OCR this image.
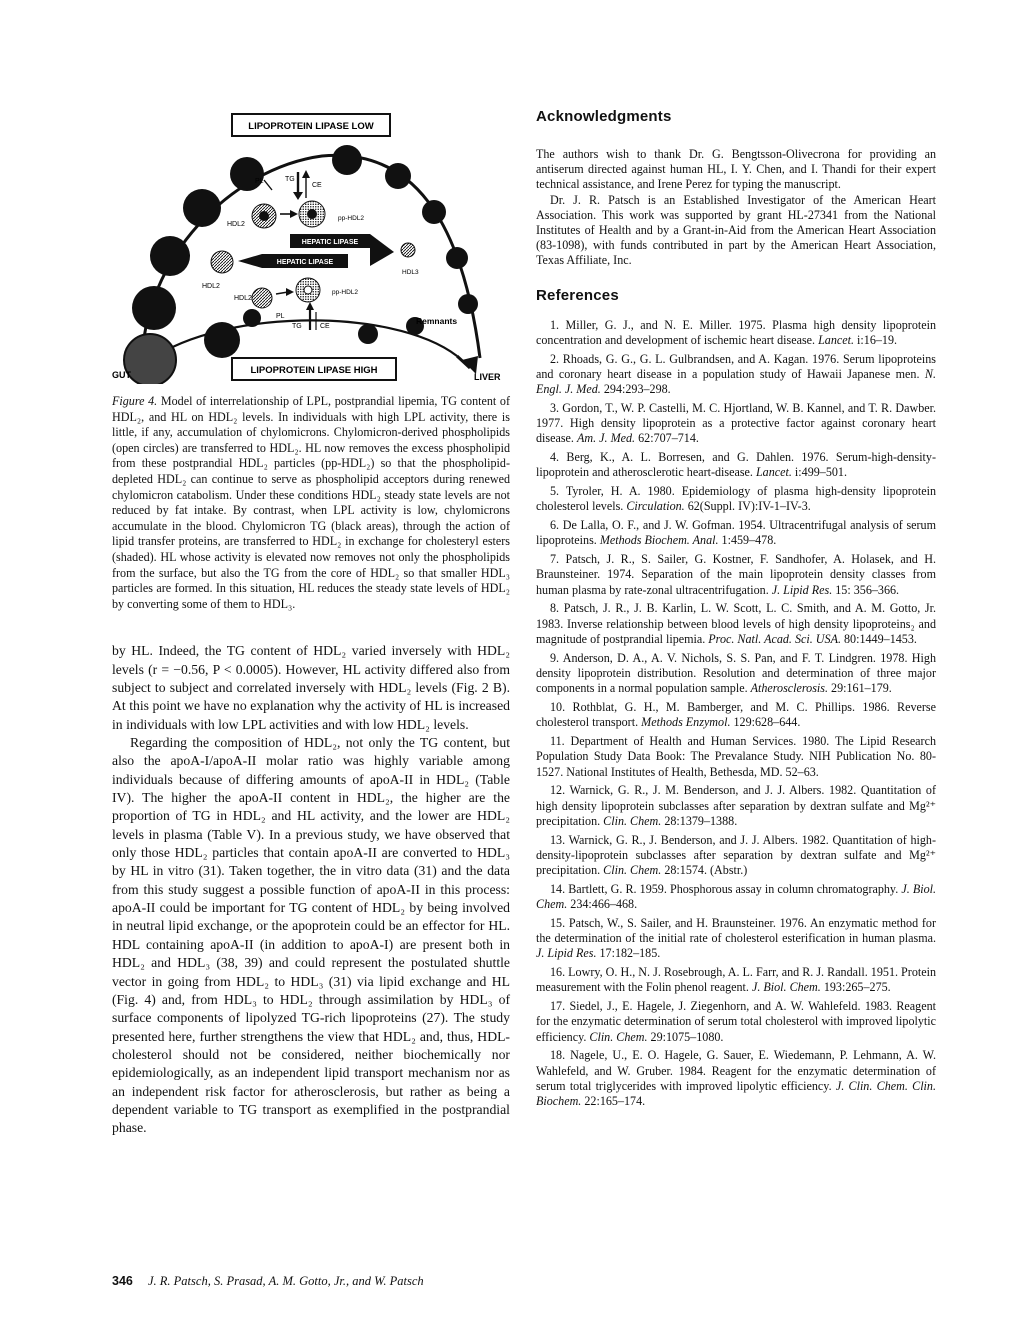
LIPOPROTEIN LIPASE LOW
LIPOPROTEIN LIPASE HIGH
GUT	LIVER
Remnants
PL	TG
CE
HDL2
pp-HDL2
HEPATIC LIPASE
HEPATIC LIPASE
HDL3
HDL2
HDL2
pp-HDL2
PL
TG	CE
Figure 4. Model of interrelationship of LPL, postprandial lipemia, TG content of HDL₂, and HL on HDL₂ levels. In individuals with high LPL activity, there is little, if any, accumulation of chylomicrons. Chylomicron-derived phospholipids (open circles) are transferred to HDL₂. HL now removes the excess phospholipid from these postprandial HDL₂ particles (pp-HDL₂) so that the phospholipid-depleted HDL₂ can continue to serve as phospholipid acceptors during renewed chylomicron catabolism. Under these conditions HDL₂ steady state levels are not reduced by fat intake. By contrast, when LPL activity is low, chylomicrons accumulate in the blood. Chylomicron TG (black areas), through the action of lipid transfer proteins, are transferred to HDL₂ in exchange for cholesteryl esters (shaded). HL whose activity is elevated now removes not only the phospholipids from the surface, but also the TG from the core of HDL₂ so that smaller HDL₃ particles are formed. In this situation, HL reduces the steady state levels of HDL₂ by converting some of them to HDL₃.

by HL. Indeed, the TG content of HDL₂ varied inversely with HDL₂ levels (r = −0.56, P < 0.0005). However, HL activity differed also from subject to subject and correlated inversely with HDL₂ levels (Fig. 2 B). At this point we have no explanation why the activity of HL is increased in individuals with low LPL activities and with low HDL₂ levels.

Regarding the composition of HDL₂, not only the TG content, but also the apoA-I/apoA-II molar ratio was highly variable among individuals because of differing amounts of apoA-II in HDL₂ (Table IV). The higher the apoA-II content in HDL₂, the higher are the proportion of TG in HDL₂ and HL activity, and the lower are HDL₂ levels in plasma (Table V). In a previous study, we have observed that only those HDL₂ particles that contain apoA-II are converted to HDL₃ by HL in vitro (31). Taken together, the in vitro data (31) and the data from this study suggest a possible function of apoA-II in this process: apoA-II could be important for TG content of HDL₂ by being involved in neutral lipid exchange, or the apoprotein could be an effector for HL. HDL containing apoA-II (in addition to apoA-I) are present both in HDL₂ and HDL₃ (38, 39) and could represent the postulated shuttle vector in going from HDL₂ to HDL₃ (31) via lipid exchange and HL (Fig. 4) and, from HDL₃ to HDL₂ through assimilation by HDL₃ of surface components of lipolyzed TG-rich lipoproteins (27). The study presented here, further strengthens the view that HDL₂ and, thus, HDL-cholesterol should not be considered, neither biochemically nor epidemiologically, as an independent lipid transport mechanism nor as an independent risk factor for atherosclerosis, but rather as being a dependent variable to TG transport as exemplified in the postprandial phase.

346 J. R. Patsch, S. Prasad, A. M. Gotto, Jr., and W. Patsch
Acknowledgments

The authors wish to thank Dr. G. Bengtsson-Olivecrona for providing an antiserum directed against human HL, I. Y. Chen, and I. Thandi for their expert technical assistance, and Irene Perez for typing the manuscript.

Dr. J. R. Patsch is an Established Investigator of the American Heart Association. This work was supported by grant HL-27341 from the National Institutes of Health and by a Grant-in-Aid from the American Heart Association (83-1098), with funds contributed in part by the American Heart Association, Texas Affiliate, Inc.

References

1. Miller, G. J., and N. E. Miller. 1975. Plasma high density lipoprotein concentration and development of ischemic heart disease. Lancet. i:16–19.

2. Rhoads, G. G., G. L. Gulbrandsen, and A. Kagan. 1976. Serum lipoproteins and coronary heart disease in a population study of Hawaii Japanese men. N. Engl. J. Med. 294:293–298.

3. Gordon, T., W. P. Castelli, M. C. Hjortland, W. B. Kannel, and T. R. Dawber. 1977. High density lipoprotein as a protective factor against coronary heart disease. Am. J. Med. 62:707–714.

4. Berg, K., A. L. Borresen, and G. Dahlen. 1976. Serum-high-density-lipoprotein and atherosclerotic heart-disease. Lancet. i:499–501.

5. Tyroler, H. A. 1980. Epidemiology of plasma high-density lipoprotein cholesterol levels. Circulation. 62(Suppl. IV):IV-1–IV-3.

6. De Lalla, O. F., and J. W. Gofman. 1954. Ultracentrifugal analysis of serum lipoproteins. Methods Biochem. Anal. 1:459–478.

7. Patsch, J. R., S. Sailer, G. Kostner, F. Sandhofer, A. Holasek, and H. Braunsteiner. 1974. Separation of the main lipoprotein density classes from human plasma by rate-zonal ultracentrifugation. J. Lipid Res. 15: 356–366.

8. Patsch, J. R., J. B. Karlin, L. W. Scott, L. C. Smith, and A. M. Gotto, Jr. 1983. Inverse relationship between blood levels of high density lipoproteins₂ and magnitude of postprandial lipemia. Proc. Natl. Acad. Sci. USA. 80:1449–1453.

9. Anderson, D. A., A. V. Nichols, S. S. Pan, and F. T. Lindgren. 1978. High density lipoprotein distribution. Resolution and determination of three major components in a normal population sample. Atherosclerosis. 29:161–179.

10. Rothblat, G. H., M. Bamberger, and M. C. Phillips. 1986. Reverse cholesterol transport. Methods Enzymol. 129:628–644.

11. Department of Health and Human Services. 1980. The Lipid Research Population Study Data Book: The Prevalance Study. NIH Publication No. 80-1527. National Institutes of Health, Bethesda, MD. 52–63.

12. Warnick, G. R., J. M. Benderson, and J. J. Albers. 1982. Quantitation of high density lipoprotein subclasses after separation by dextran sulfate and Mg²⁺ precipitation. Clin. Chem. 28:1379–1388.

13. Warnick, G. R., J. Benderson, and J. J. Albers. 1982. Quantitation of high-density-lipoprotein subclasses after separation by dextran sulfate and Mg²⁺ precipitation. Clin. Chem. 28:1574. (Abstr.)

14. Bartlett, G. R. 1959. Phosphorous assay in column chromatography. J. Biol. Chem. 234:466–468.

15. Patsch, W., S. Sailer, and H. Braunsteiner. 1976. An enzymatic method for the determination of the initial rate of cholesterol esterification in human plasma. J. Lipid Res. 17:182–185.

16. Lowry, O. H., N. J. Rosebrough, A. L. Farr, and R. J. Randall. 1951. Protein measurement with the Folin phenol reagent. J. Biol. Chem. 193:265–275.

17. Siedel, J., E. Hagele, J. Ziegenhorn, and A. W. Wahlefeld. 1983. Reagent for the enzymatic determination of serum total cholesterol with improved lipolytic efficiency. Clin. Chem. 29:1075–1080.

18. Nagele, U., E. O. Hagele, G. Sauer, E. Wiedemann, P. Lehmann, A. W. Wahlefeld, and W. Gruber. 1984. Reagent for the enzymatic determination of serum total triglycerides with improved lipolytic efficiency. J. Clin. Chem. Clin. Biochem. 22:165–174.
